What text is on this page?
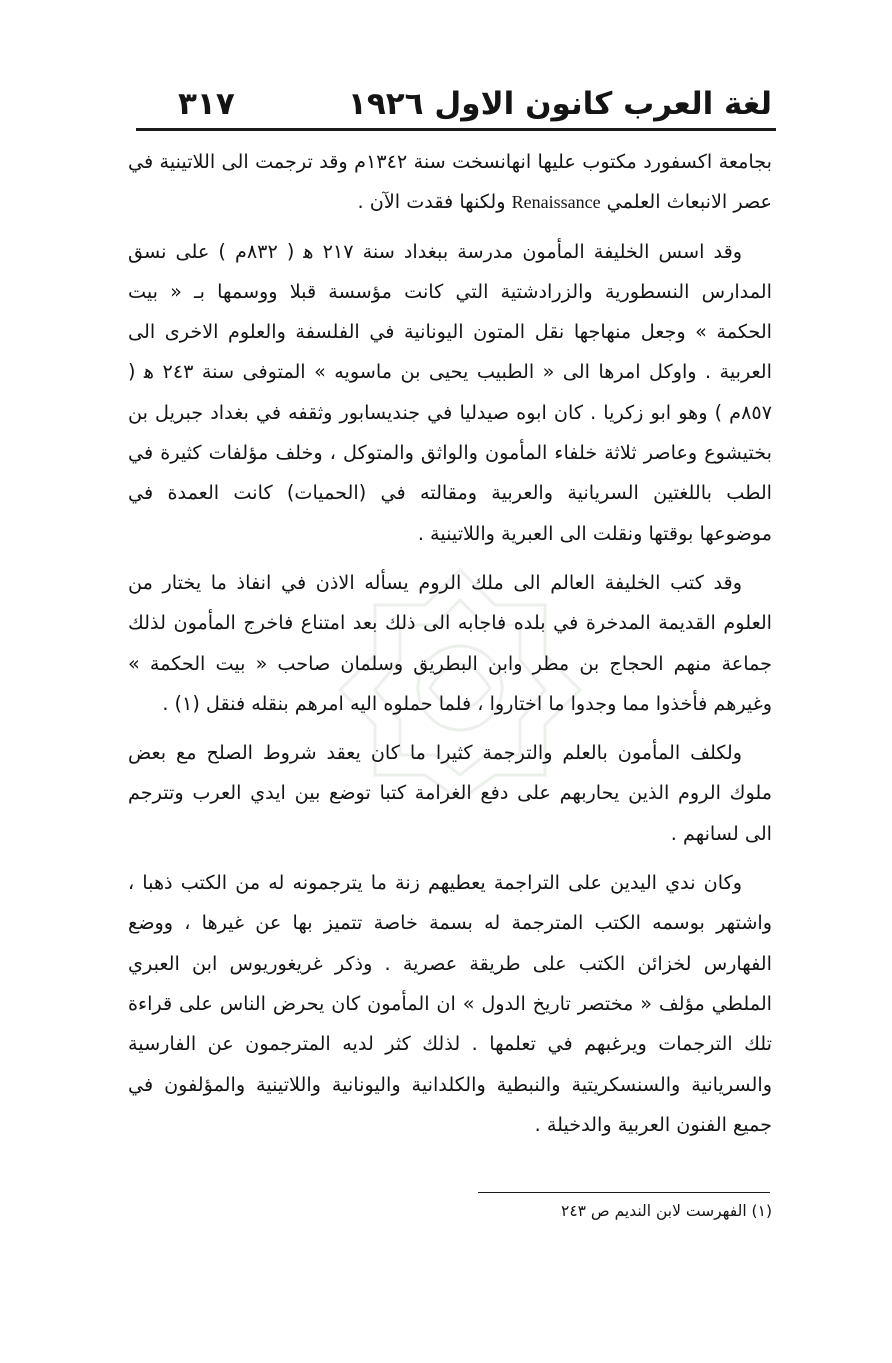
لغة العرب كانون الاول ١٩٢٦
٣١٧

بجامعة اكسفورد مكتوب عليها انهانسخت سنة ١٣٤٢م وقد ترجمت الى اللاتينية في عصر الانبعاث العلمي Renaissance ولكنها فقدت الآن .

وقد اسس الخليفة المأمون مدرسة ببغداد سنة ٢١٧ ﻫ ( ٨٣٢م ) على نسق المدارس النسطورية والزرادشتية التي كانت مؤسسة قبلا ووسمها بـ « بيت الحكمة » وجعل منهاجها نقل المتون اليونانية في الفلسفة والعلوم الاخرى الى العربية . واوكل امرها الى « الطبيب يحيى بن ماسويه » المتوفى سنة ٢٤٣ ﻫ ( ٨٥٧م ) وهو ابو زكريا . كان ابوه صيدليا في جنديسابور وثقفه في بغداد جبريل بن بختيشوع وعاصر ثلاثة خلفاء المأمون والواثق والمتوكل ، وخلف مؤلفات كثيرة في الطب باللغتين السريانية والعربية ومقالته في (الحميات) كانت العمدة في موضوعها بوقتها ونقلت الى العبرية واللاتينية .

وقد كتب الخليفة العالم الى ملك الروم يسأله الاذن في انفاذ ما يختار من العلوم القديمة المدخرة في بلده فاجابه الى ذلك بعد امتناع فاخرج المأمون لذلك جماعة منهم الحجاج بن مطر وابن البطريق وسلمان صاحب « بيت الحكمة » وغيرهم فأخذوا مما وجدوا ما اختاروا ، فلما حملوه اليه امرهم بنقله فنقل (١) .

ولكلف المأمون بالعلم والترجمة كثيرا ما كان يعقد شروط الصلح مع بعض ملوك الروم الذين يحاربهم على دفع الغرامة كتبا توضع بين ايدي العرب وتترجم الى لسانهم .

وكان ندي اليدين على التراجمة يعطيهم زنة ما يترجمونه له من الكتب ذهبا ، واشتهر بوسمه الكتب المترجمة له بسمة خاصة تتميز بها عن غيرها ، ووضع الفهارس لخزائن الكتب على طريقة عصرية . وذكر غريغوريوس ابن العبري الملطي مؤلف « مختصر تاريخ الدول » ان المأمون كان يحرض الناس على قراءة تلك الترجمات ويرغبهم في تعلمها . لذلك كثر لديه المترجمون عن الفارسية والسريانية والسنسكريتية والنبطية والكلدانية واليونانية واللاتينية والمؤلفون في جميع الفنون العربية والدخيلة .

(١) الفهرست لابن النديم ص ٢٤٣
